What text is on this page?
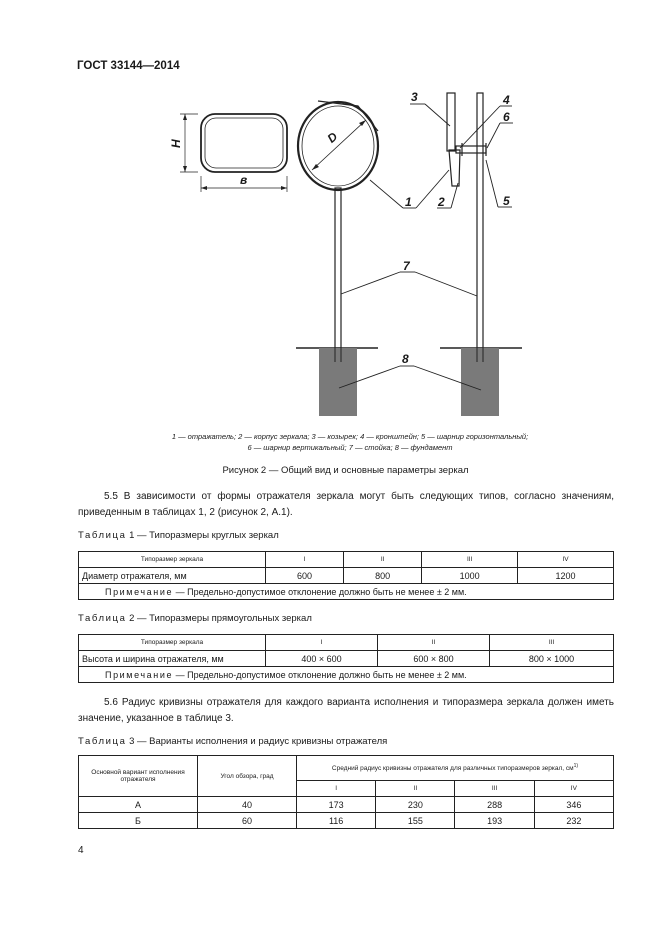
ГОСТ 33144—2014
H
в
D
1 2
3	4
6
5
7
8
1 — отражатель; 2 — корпус зеркала; 3 — козырек; 4 — кронштейн; 5 — шарнир горизонтальный;
6 — шарнир вертикальный; 7 — стойка; 8 — фундамент
Рисунок 2 — Общий вид и основные параметры зеркал
5.5 В зависимости от формы отражателя зеркала могут быть следующих типов, согласно значениям, приведенным в таблицах 1, 2 (рисунок 2, А.1).
Таблица 1 — Типоразмеры круглых зеркал
Типоразмер зеркала	I	II	III	IV
Диаметр отражателя, мм	600	800	1000	1200
Примечание — Предельно-допустимое отклонение должно быть не менее ± 2 мм.				
Таблица 2 — Типоразмеры прямоугольных зеркал
Типоразмер зеркала	I	II	III
Высота и ширина отражателя, мм	400 × 600	600 × 800	800 × 1000
Примечание — Предельно-допустимое отклонение должно быть не менее ± 2 мм.			
5.6 Радиус кривизны отражателя для каждого варианта исполнения и типоразмера зеркала должен иметь значение, указанное в таблице 3.
Таблица 3 — Варианты исполнения и радиус кривизны отражателя
Основной вариант исполнения отражателя	Угол обзора, град	Средний радиус кривизны отражателя для различных типоразмеров зеркал, $см^{1)}$
		I	II	III	IV
А	40	173	230	288	346
Б	60	116	155	193	232
4
